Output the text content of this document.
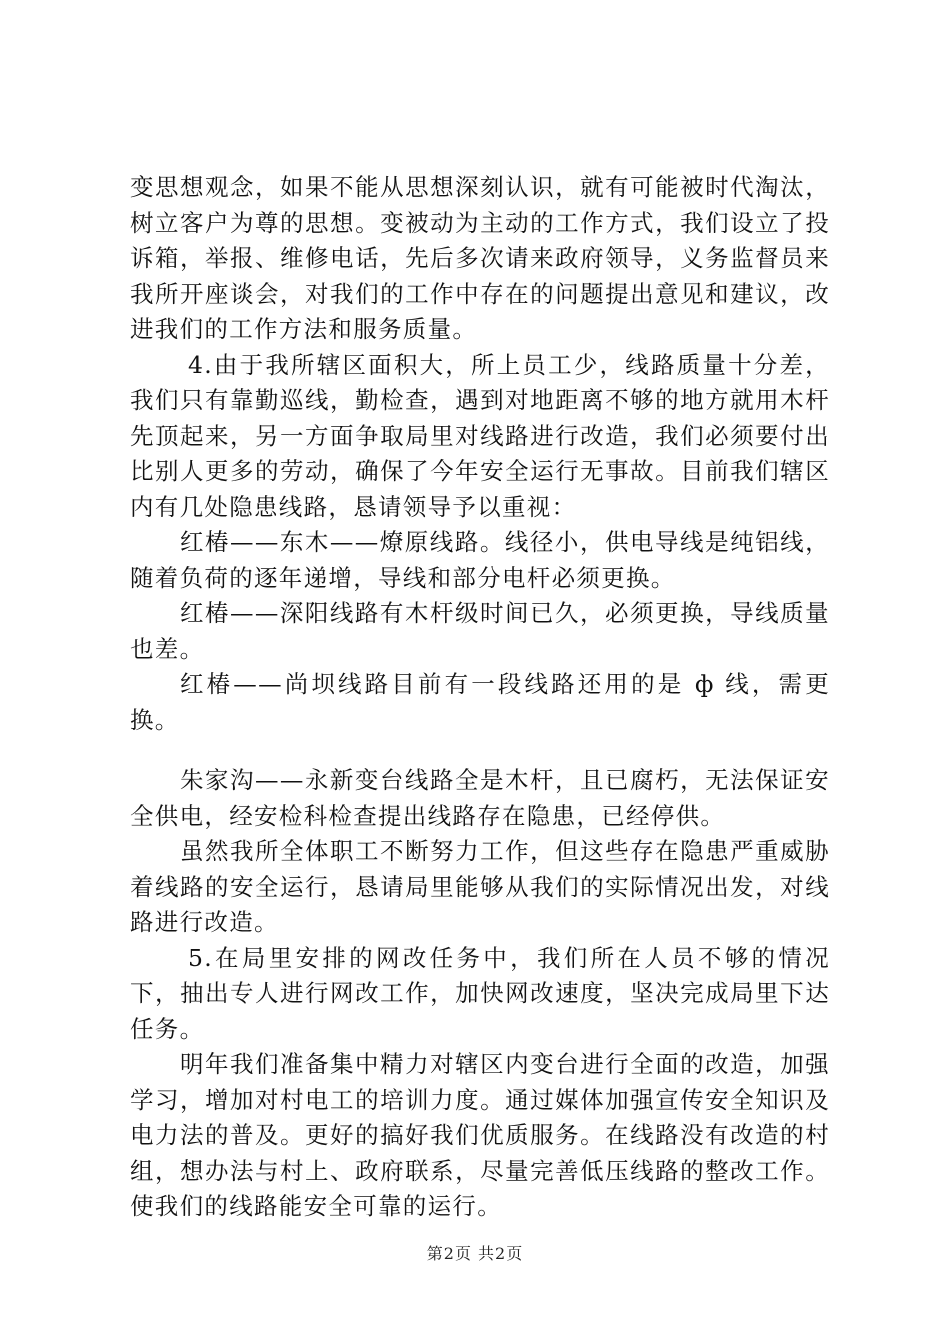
变思想观念，如果不能从思想深刻认识，就有可能被时代淘汰，树立客户为尊的思想。变被动为主动的工作方式，我们设立了投诉箱，举报、维修电话，先后多次请来政府领导，义务监督员来我所开座谈会，对我们的工作中存在的问题提出意见和建议，改进我们的工作方法和服务质量。

4.由于我所辖区面积大，所上员工少，线路质量十分差，我们只有靠勤巡线，勤检查，遇到对地距离不够的地方就用木杆先顶起来，另一方面争取局里对线路进行改造，我们必须要付出比别人更多的劳动，确保了今年安全运行无事故。目前我们辖区内有几处隐患线路，恳请领导予以重视：

红椿——东木——燎原线路。线径小，供电导线是纯铝线，随着负荷的逐年递增，导线和部分电杆必须更换。

红椿——深阳线路有木杆级时间已久，必须更换，导线质量也差。

红椿——尚坝线路目前有一段线路还用的是 ф 线，需更换。

朱家沟——永新变台线路全是木杆，且已腐朽，无法保证安全供电，经安检科检查提出线路存在隐患，已经停供。

虽然我所全体职工不断努力工作，但这些存在隐患严重威胁着线路的安全运行，恳请局里能够从我们的实际情况出发，对线路进行改造。

5.在局里安排的网改任务中，我们所在人员不够的情况下，抽出专人进行网改工作，加快网改速度，坚决完成局里下达任务。

明年我们准备集中精力对辖区内变台进行全面的改造，加强学习，增加对村电工的培训力度。通过媒体加强宣传安全知识及电力法的普及。更好的搞好我们优质服务。在线路没有改造的村组，想办法与村上、政府联系，尽量完善低压线路的整改工作。使我们的线路能安全可靠的运行。

第2页 共2页
